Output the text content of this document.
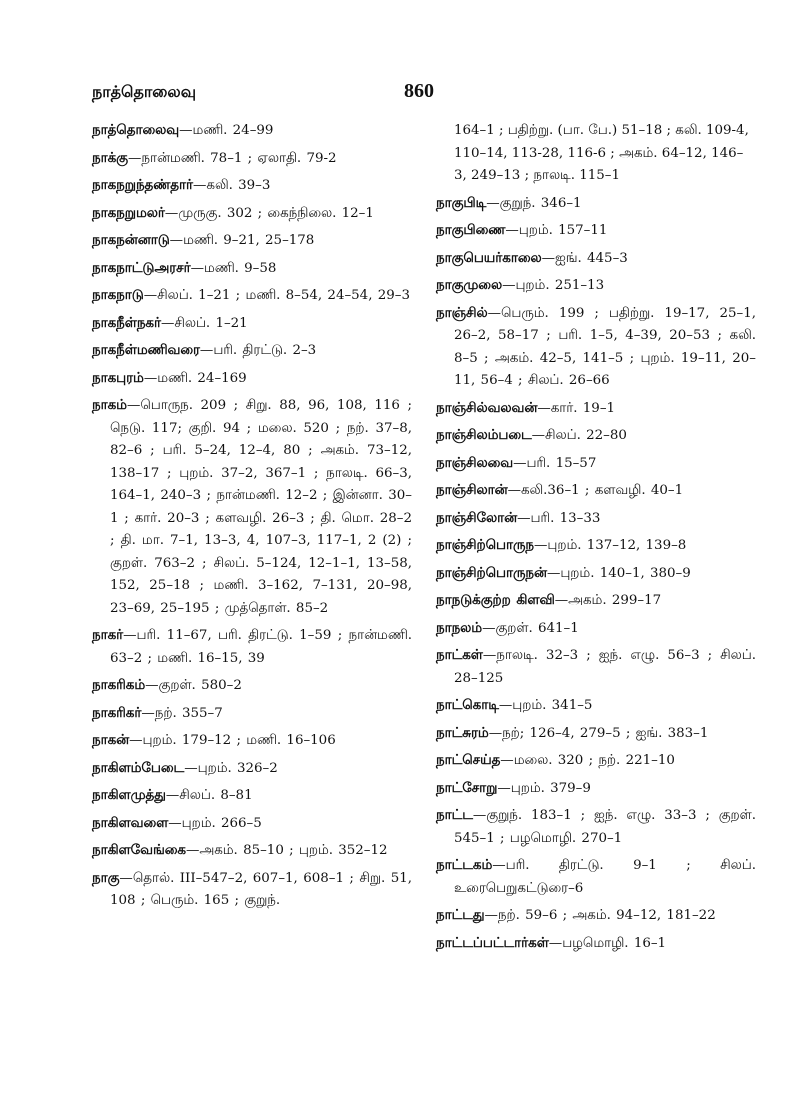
நாத்தொலைவு	860
நாத்தொலைவு—மணி. 24–99
நாக்கு—நான்மணி. 78–1 ; ஏலாதி. 79-2
நாகநறுந்தண்தார்—கலி. 39–3
நாகநறுமலர்—முருகு. 302 ; கைந்நிலை. 12–1
நாகநன்னாடு—மணி. 9–21, 25–178
நாகநாட்டுஅரசர்—மணி. 9–58
நாகநாடு—சிலப். 1–21 ; மணி. 8–54, 24–54, 29–3
நாகநீள்நகர்—சிலப். 1–21
நாகநீள்மணிவரை—பரி. திரட்டு. 2–3
நாகபுரம்—மணி. 24–169
நாகம்—பொருந. 209 ; சிறு. 88, 96, 108, 116 ; நெடு. 117; குறி. 94 ; மலை. 520 ; நற். 37–8, 82–6 ; பரி. 5–24, 12–4, 80 ; அகம். 73–12, 138–17 ; புறம். 37–2, 367–1 ; நாலடி. 66–3, 164–1, 240–3 ; நான்மணி. 12–2 ; இன்னா. 30–1 ; கார். 20–3 ; களவழி. 26–3 ; தி. மொ. 28–2 ; தி. மா. 7–1, 13–3, 4, 107–3, 117–1, 2 (2) ; குறள். 763–2 ; சிலப். 5–124, 12–1–1, 13–58, 152, 25–18 ; மணி. 3–162, 7–131, 20–98, 23–69, 25–195 ; முத்தொள். 85–2
நாகர்—பரி. 11–67, பரி. திரட்டு. 1–59 ; நான்மணி. 63–2 ; மணி. 16–15, 39
நாகரிகம்—குறள். 580–2
நாகரிகர்—நற். 355–7
நாகன்—புறம். 179–12 ; மணி. 16–106
நாகிளம்பேடை—புறம். 326–2
நாகிளமுத்து—சிலப். 8–81
நாகிளவளை—புறம். 266–5
நாகிளவேங்கை—அகம். 85–10 ; புறம். 352–12
நாகு—தொல். III–547–2, 607–1, 608–1 ; சிறு. 51, 108 ; பெரும். 165 ; குறுந்.
164–1 ; பதிற்று. (பா. பே.) 51–18 ; கலி. 109-4, 110–14, 113-28, 116-6 ; அகம். 64–12, 146–3, 249–13 ; நாலடி. 115–1
நாகுபிடி—குறுந். 346–1
நாகுபிணை—புறம். 157–11
நாகுபெயர்காலை—ஐங். 445–3
நாகுமுலை—புறம். 251–13
நாஞ்சில்—பெரும். 199 ; பதிற்று. 19–17, 25–1, 26–2, 58–17 ; பரி. 1–5, 4–39, 20–53 ; கலி. 8–5 ; அகம். 42–5, 141–5 ; புறம். 19–11, 20–11, 56–4 ; சிலப். 26–66
நாஞ்சில்வலவன்—கார். 19–1
நாஞ்சிலம்படை—சிலப். 22–80
நாஞ்சிலவை—பரி. 15–57
நாஞ்சிலான்—கலி.36–1 ; களவழி. 40–1
நாஞ்சிலோன்—பரி. 13–33
நாஞ்சிற்பொருந—புறம். 137–12, 139–8
நாஞ்சிற்பொருநன்—புறம். 140–1, 380–9
நாநடுக்குற்ற கிளவி—அகம். 299–17
நாநலம்—குறள். 641–1
நாட்கள்—நாலடி. 32–3 ; ஐந். எழு. 56–3 ; சிலப். 28–125
நாட்கொடி—புறம். 341–5
நாட்சுரம்—நற்; 126–4, 279–5 ; ஐங். 383–1
நாட்செய்த—மலை. 320 ; நற். 221–10
நாட்சோறு—புறம். 379–9
நாட்ட—குறுந். 183–1 ; ஐந். எழு. 33–3 ; குறள். 545–1 ; பழமொழி. 270–1
நாட்டகம்—பரி. திரட்டு. 9–1 ; சிலப். உரைபெறுகட்டுரை–6
நாட்டது—நற். 59–6 ; அகம். 94–12, 181–22
நாட்டப்பட்டார்கள்—பழமொழி. 16–1
